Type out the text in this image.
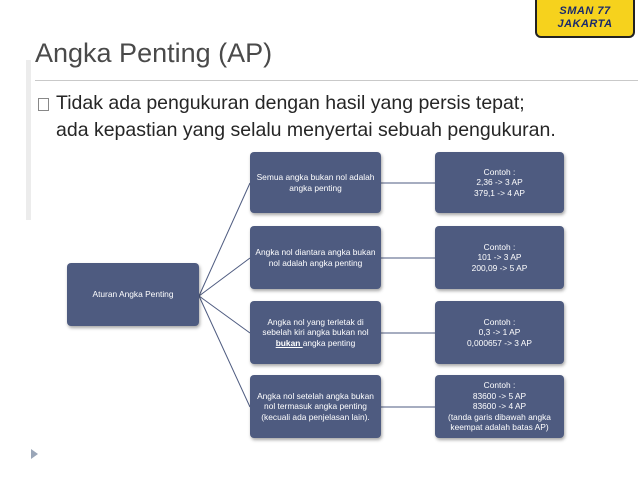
SMAN 77
JAKARTA
Angka Penting (AP)
Tidak ada pengukuran dengan hasil yang persis tepat; ada kepastian yang selalu menyertai sebuah pengukuran.
Aturan Angka Penting
Semua angka bukan nol adalah angka penting
Angka nol diantara angka bukan nol adalah angka penting
Angka nol yang terletak di sebelah kiri angka bukan nol bukan angka penting
Angka nol setelah angka bukan nol termasuk angka penting (kecuali ada penjelasan lain).
Contoh :
2,36 -> 3 AP
379,1 -> 4 AP
Contoh :
101 -> 3 AP
200,09 -> 5 AP
Contoh :
0,3 -> 1 AP
0,000657 -> 3 AP
Contoh :
83600 -> 5 AP
83600 -> 4 AP
(tanda garis dibawah angka
keempat adalah batas AP)
